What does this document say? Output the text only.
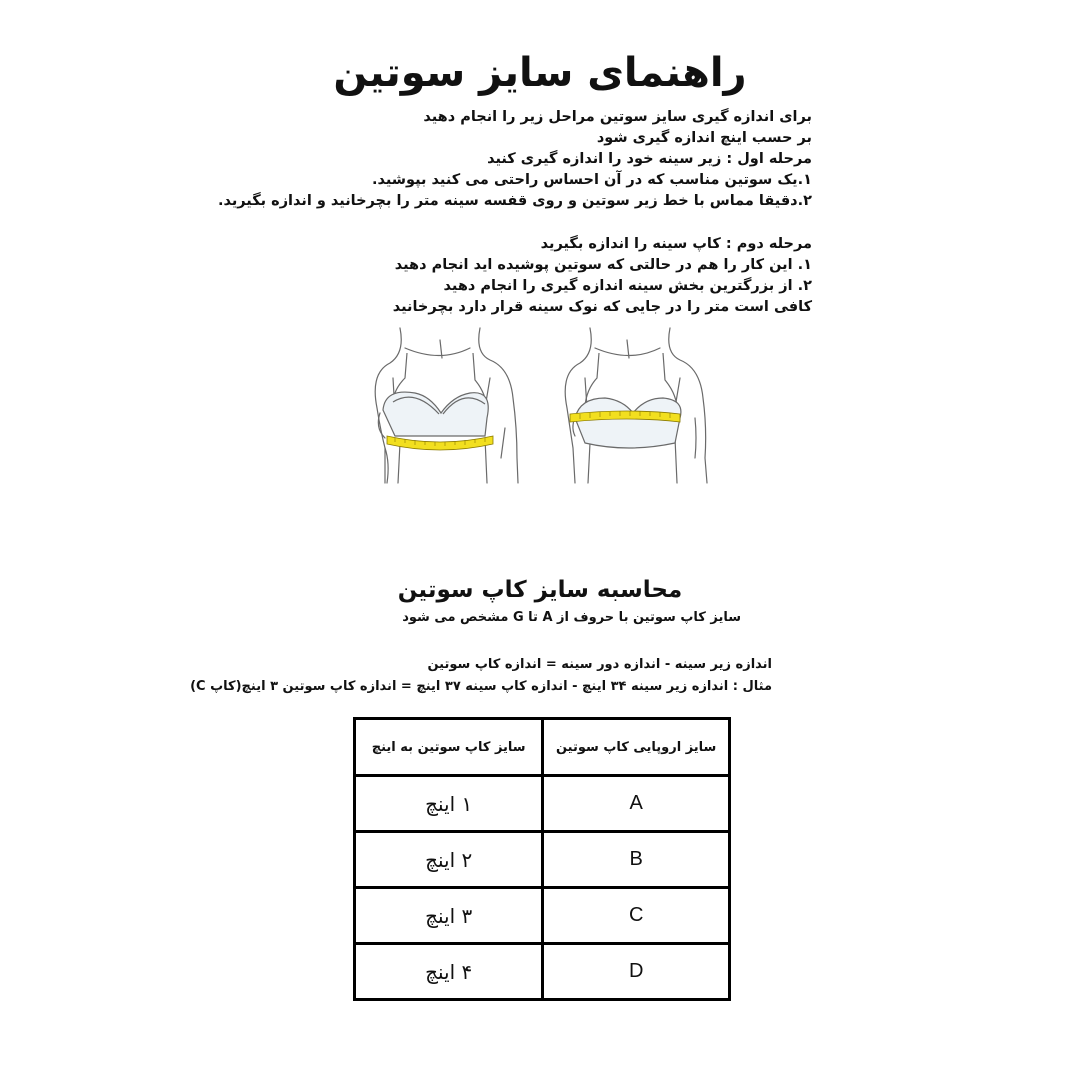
راهنمای سایز سوتین
برای اندازه گیری سایز سوتین مراحل زیر را انجام دهید
بر حسب اینچ اندازه گیری شود
مرحله اول : زیر سینه خود را اندازه گیری کنید
۱.یک سوتین مناسب که در آن احساس راحتی می کنید بپوشید.
۲.دقیقا مماس با خط زیر سوتین و روی قفسه سینه متر را بچرخانید و اندازه بگیرید.
مرحله دوم : کاپ سینه را اندازه بگیرید
۱. این کار را هم در حالتی که سوتین پوشیده اید انجام دهید
۲. از بزرگترین بخش سینه اندازه گیری را انجام دهید
کافی است متر را در جایی که نوک سینه قرار دارد بچرخانید
محاسبه سایز کاپ سوتین
سایز کاپ سوتین با حروف از A تا G مشخص می شود
اندازه زیر سینه - اندازه دور سینه = اندازه کاپ سوتین
مثال : اندازه زیر سینه ۳۴ اینچ - اندازه کاپ سینه ۳۷ اینچ = اندازه کاپ سوتین ۳ اینچ(کاپ C)
سایز اروپایی کاپ سوتین	سایز کاپ سوتین به اینچ
A	۱ اینچ
B	۲ اینچ
C	۳ اینچ
D	۴ اینچ
